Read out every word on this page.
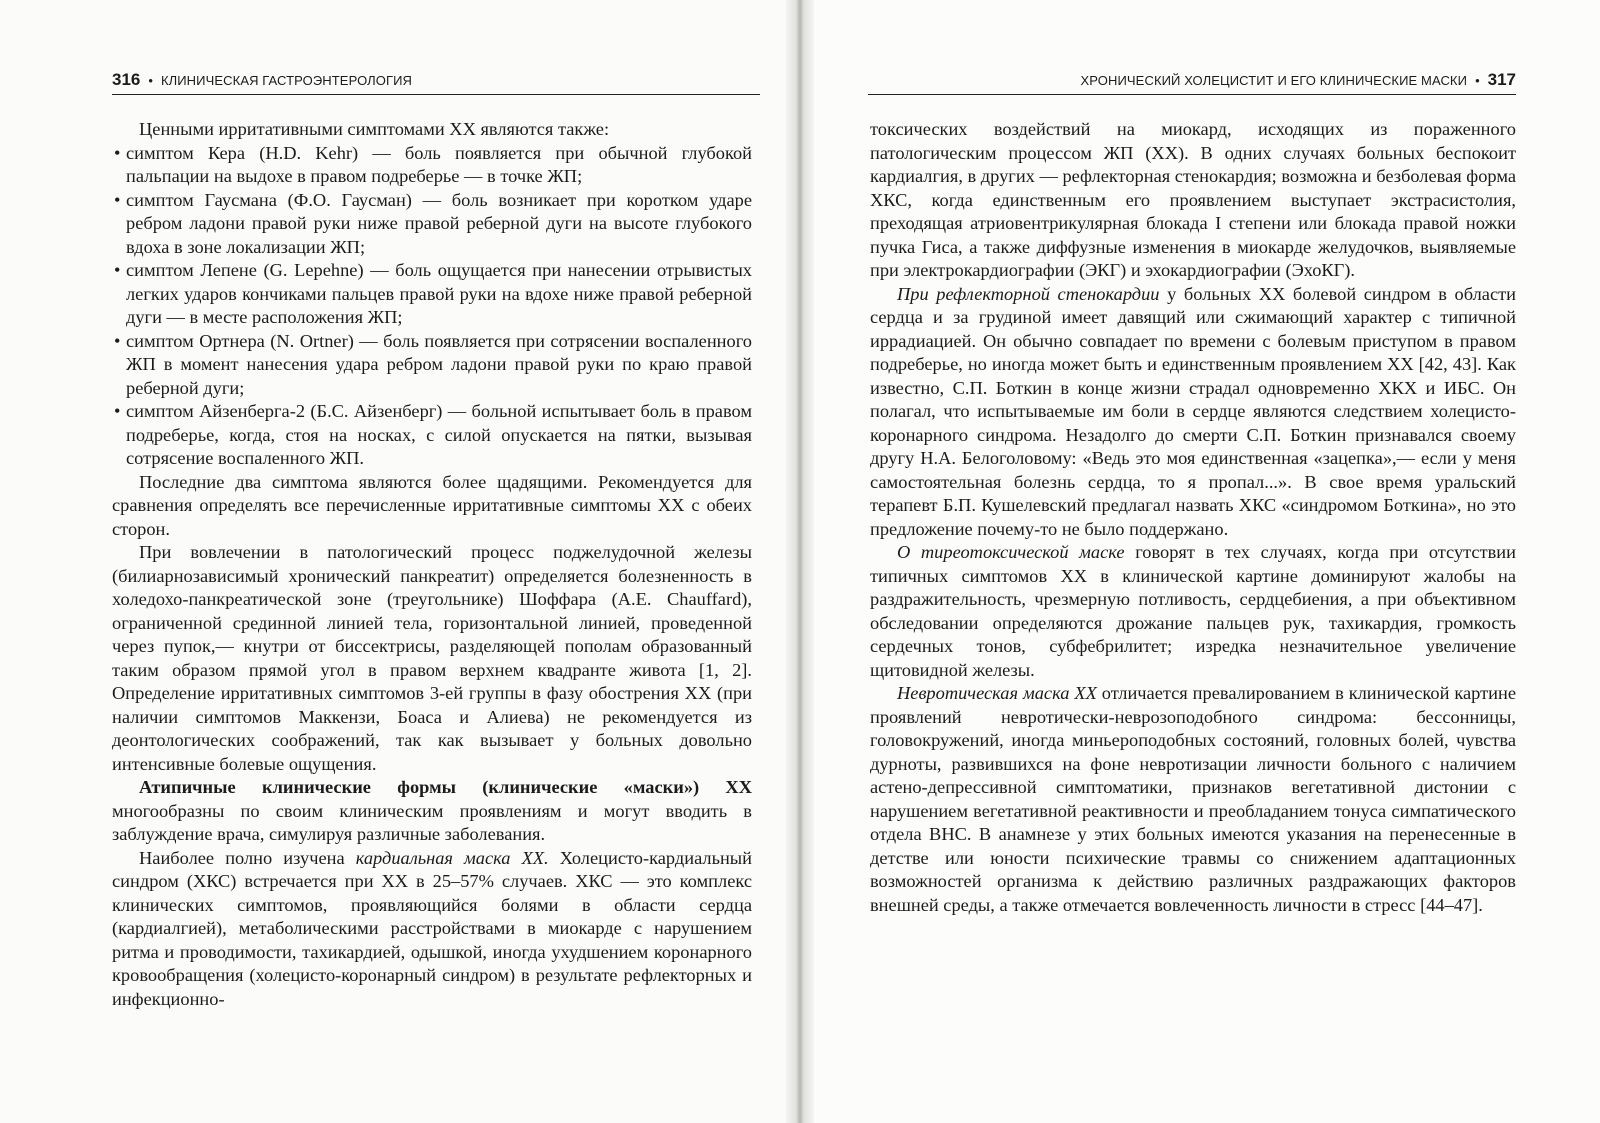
316 • КЛИНИЧЕСКАЯ ГАСТРОЭНТЕРОЛОГИЯ	ХРОНИЧЕСКИЙ ХОЛЕЦИСТИТ И ЕГО КЛИНИЧЕСКИЕ МАСКИ • 317

Ценными ирритативными симптомами ХХ являются также:

• симптом Кера (H.D. Kehr) — боль появляется при обычной глубокой пальпации на выдохе в правом подреберье — в точке ЖП;
• симптом Гаусмана (Ф.О. Гаусман) — боль возникает при коротком ударе ребром ладони правой руки ниже правой реберной дуги на высоте глубокого вдоха в зоне локализации ЖП;
• симптом Лепене (G. Lepehne) — боль ощущается при нанесении отрывистых легких ударов кончиками пальцев правой руки на вдохе ниже правой реберной дуги — в месте расположения ЖП;
• симптом Ортнера (N. Ortner) — боль появляется при сотрясении воспаленного ЖП в момент нанесения удара ребром ладони правой руки по краю правой реберной дуги;
• симптом Айзенберга-2 (Б.С. Айзенберг) — больной испытывает боль в правом подреберье, когда, стоя на носках, с силой опускается на пятки, вызывая сотрясение воспаленного ЖП.

Последние два симптома являются более щадящими. Рекомендуется для сравнения определять все перечисленные ирритативные симптомы ХХ с обеих сторон.

При вовлечении в патологический процесс поджелудочной железы (билиарнозависимый хронический панкреатит) определяется болезненность в холедохо-панкреатической зоне (треугольнике) Шоффара (A.E. Chauffard), ограниченной срединной линией тела, горизонтальной линией, проведенной через пупок,— кнутри от биссектрисы, разделяющей пополам образованный таким образом прямой угол в правом верхнем квадранте живота [1, 2]. Определение ирритативных симптомов 3-ей группы в фазу обострения ХХ (при наличии симптомов Маккензи, Боаса и Алиева) не рекомендуется из деонтологических соображений, так как вызывает у больных довольно интенсивные болевые ощущения.

Атипичные клинические формы (клинические «маски») ХХ многообразны по своим клиническим проявлениям и могут вводить в заблуждение врача, симулируя различные заболевания.

Наиболее полно изучена кардиальная маска ХХ. Холецисто-кардиальный синдром (ХКС) встречается при ХХ в 25–57% случаев. ХКС — это комплекс клинических симптомов, проявляющийся болями в области сердца (кардиалгией), метаболическими расстройствами в миокарде с нарушением ритма и проводимости, тахикардией, одышкой, иногда ухудшением коронарного кровообращения (холецисто-коронарный синдром) в результате рефлекторных и инфекционно-

токсических воздействий на миокард, исходящих из пораженного патологическим процессом ЖП (ХХ). В одних случаях больных беспокоит кардиалгия, в других — рефлекторная стенокардия; возможна и безболевая форма ХКС, когда единственным его проявлением выступает экстрасистолия, преходящая атриовентрикулярная блокада I степени или блокада правой ножки пучка Гиса, а также диффузные изменения в миокарде желудочков, выявляемые при электрокардиографии (ЭКГ) и эхокардиографии (ЭхоКГ).

При рефлекторной стенокардии у больных ХХ болевой синдром в области сердца и за грудиной имеет давящий или сжимающий характер с типичной иррадиацией. Он обычно совпадает по времени с болевым приступом в правом подреберье, но иногда может быть и единственным проявлением ХХ [42, 43]. Как известно, С.П. Боткин в конце жизни страдал одновременно ХКХ и ИБС. Он полагал, что испытываемые им боли в сердце являются следствием холецисто-коронарного синдрома. Незадолго до смерти С.П. Боткин признавался своему другу Н.А. Белоголовому: «Ведь это моя единственная «зацепка»,— если у меня самостоятельная болезнь сердца, то я пропал...». В свое время уральский терапевт Б.П. Кушелевский предлагал назвать ХКС «синдромом Боткина», но это предложение почему-то не было поддержано.

О тиреотоксической маске говорят в тех случаях, когда при отсутствии типичных симптомов ХХ в клинической картине доминируют жалобы на раздражительность, чрезмерную потливость, сердцебиения, а при объективном обследовании определяются дрожание пальцев рук, тахикардия, громкость сердечных тонов, субфебрилитет; изредка незначительное увеличение щитовидной железы.

Невротическая маска ХХ отличается превалированием в клинической картине проявлений невротически-неврозоподобного синдрома: бессонницы, головокружений, иногда миньероподобных состояний, головных болей, чувства дурноты, развившихся на фоне невротизации личности больного с наличием астено-депрессивной симптоматики, признаков вегетативной дистонии с нарушением вегетативной реактивности и преобладанием тонуса симпатического отдела ВНС. В анамнезе у этих больных имеются указания на перенесенные в детстве или юности психические травмы со снижением адаптационных возможностей организма к действию различных раздражающих факторов внешней среды, а также отмечается вовлеченность личности в стресс [44–47].
